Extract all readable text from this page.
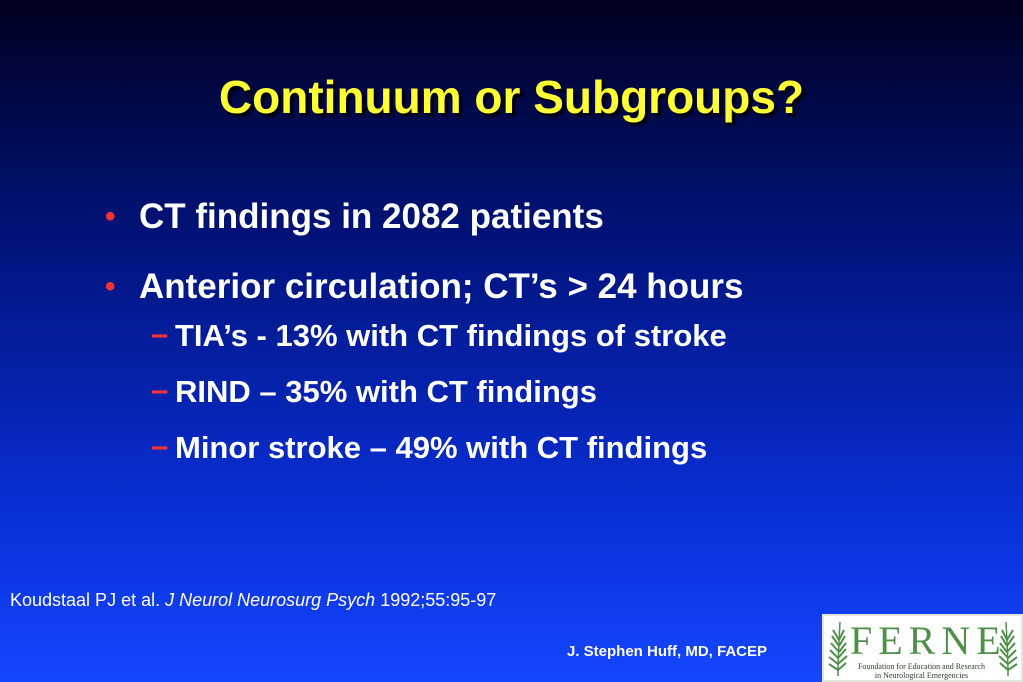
Continuum or Subgroups?
• CT findings in 2082 patients
• Anterior circulation; CT’s > 24 hours
– TIA’s - 13% with CT findings of stroke
– RIND – 35% with CT findings
– Minor stroke – 49% with CT findings
Koudstaal PJ et al. J Neurol Neurosurg Psych 1992;55:95-97
J. Stephen Huff, MD, FACEP FERNE
Foundation for Education and Research
in Neurological Emergencies
